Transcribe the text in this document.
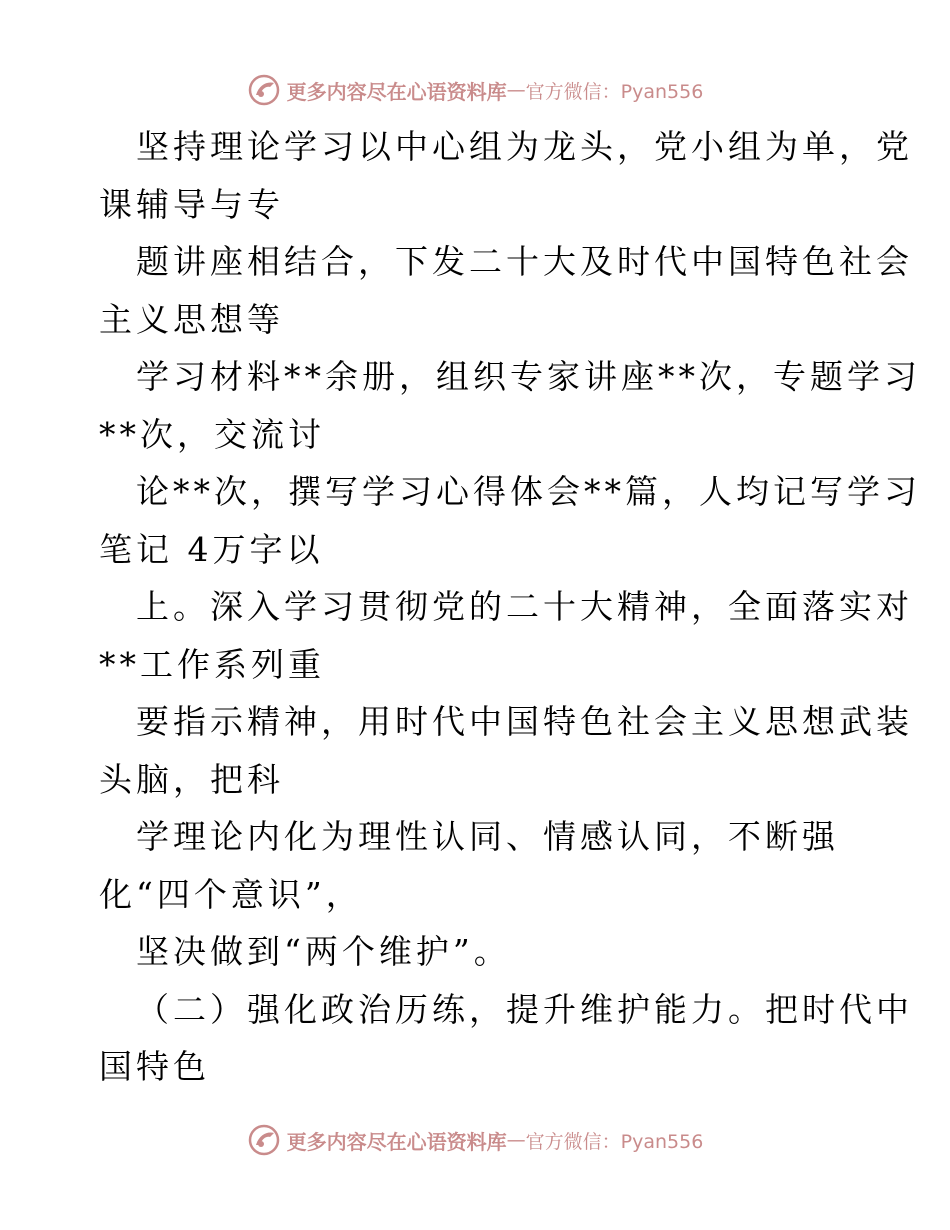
更多内容尽在心语资料库 — 官方微信：Pyan556
坚持理论学习以中心组为龙头，党小组为单，党
课辅导与专
题讲座相结合，下发二十大及时代中国特色社会
主义思想等
学习材料**余册，组织专家讲座**次，专题学习
**次，交流讨
论**次，撰写学习心得体会**篇，人均记写学习
笔记 4万字以
上。深入学习贯彻党的二十大精神，全面落实对
**工作系列重
要指示精神，用时代中国特色社会主义思想武装
头脑，把科
学理论内化为理性认同、情感认同，不断强
化“四个意识”，
坚决做到“两个维护”。
（二）强化政治历练，提升维护能力。把时代中
国特色
更多内容尽在心语资料库 — 官方微信：Pyan556
